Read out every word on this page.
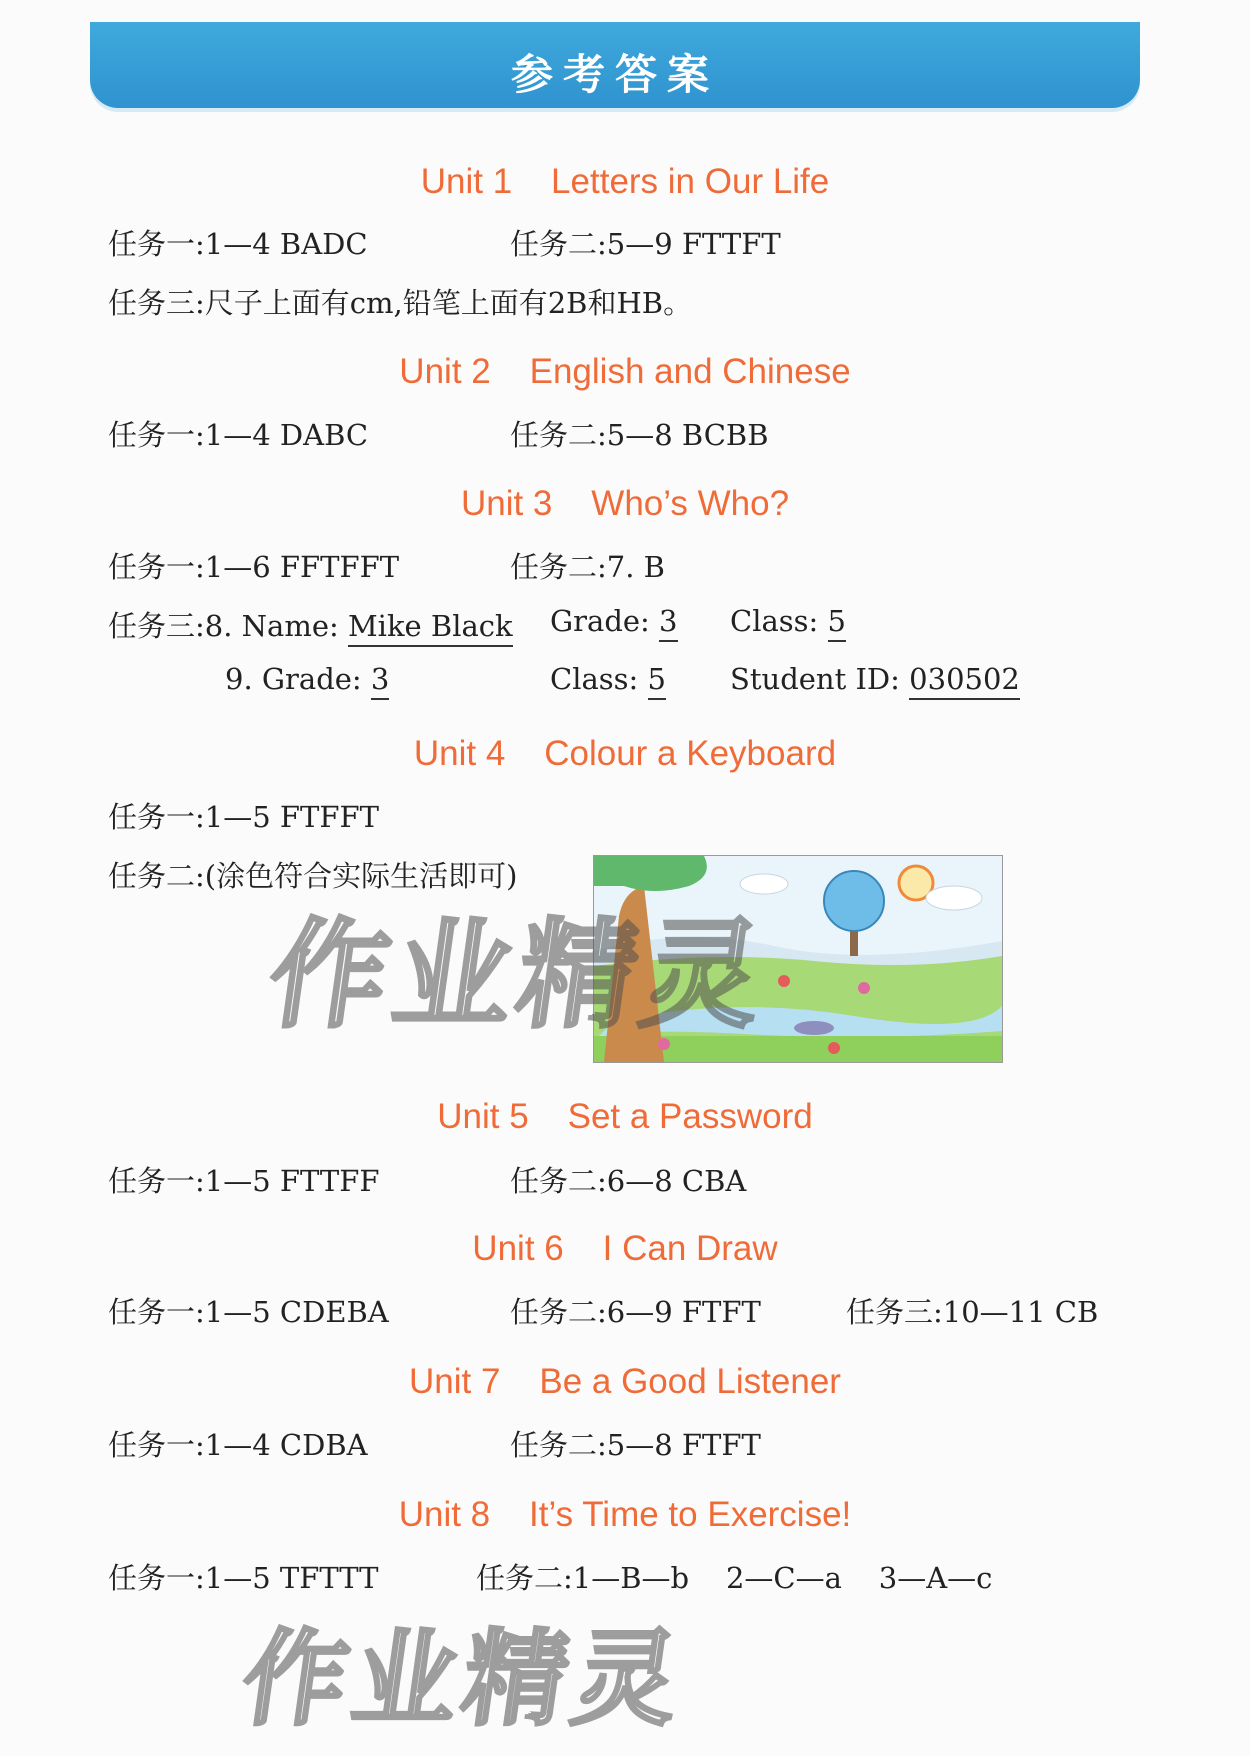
参考答案
Unit 1    Letters in Our Life
任务一:1—4 BADC	任务二:5—9 FTTFT
任务三:尺子上面有cm,铅笔上面有2B和HB。
Unit 2    English and Chinese
任务一:1—4 DABC	任务二:5—8 BCBB
Unit 3    Who’s Who?
任务一:1—6 FFTFFT	任务二:7. B
任务三:8. Name: Mike Black Grade: 3 Class: 5
9. Grade: 3	Class: 5 Student ID: 030502
Unit 4    Colour a Keyboard
任务一:1—5 FTFFT
任务二:(涂色符合实际生活即可)
作业精灵
Unit 5    Set a Password
任务一:1—5 FTTFF	任务二:6—8 CBA
Unit 6    I Can Draw
任务一:1—5 CDEBA	任务二:6—9 FTFT	任务三:10—11 CB
Unit 7    Be a Good Listener
任务一:1—4 CDBA	任务二:5—8 FTFT
Unit 8    It’s Time to Exercise!
任务一:1—5 TFTTT	任务二:1—B—b    2—C—a    3—A—c
作业精灵
